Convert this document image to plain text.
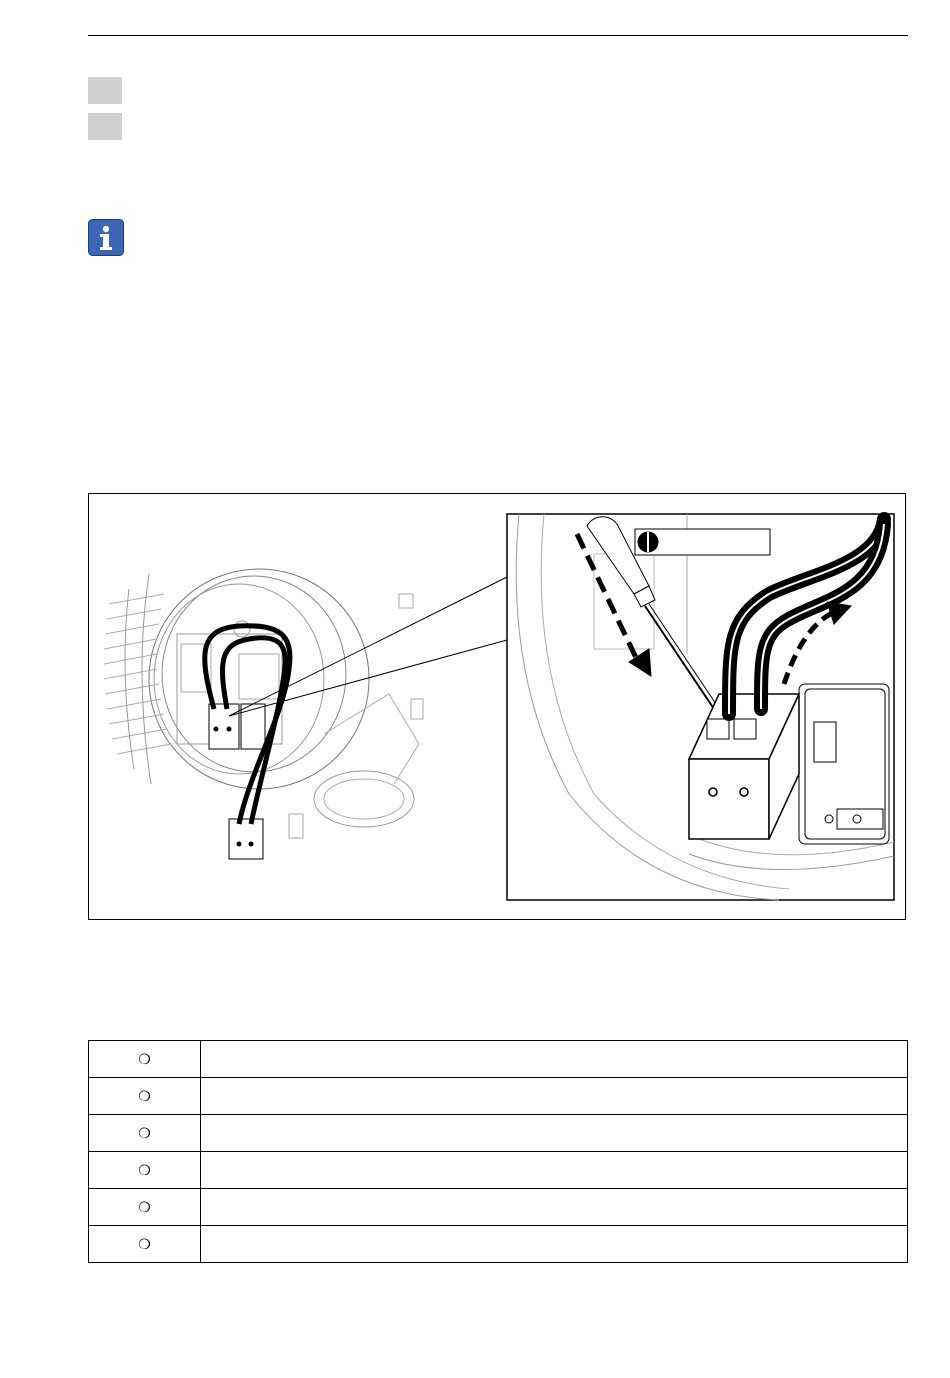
❍	
❍	
❍	
❍	
❍	
❍	
